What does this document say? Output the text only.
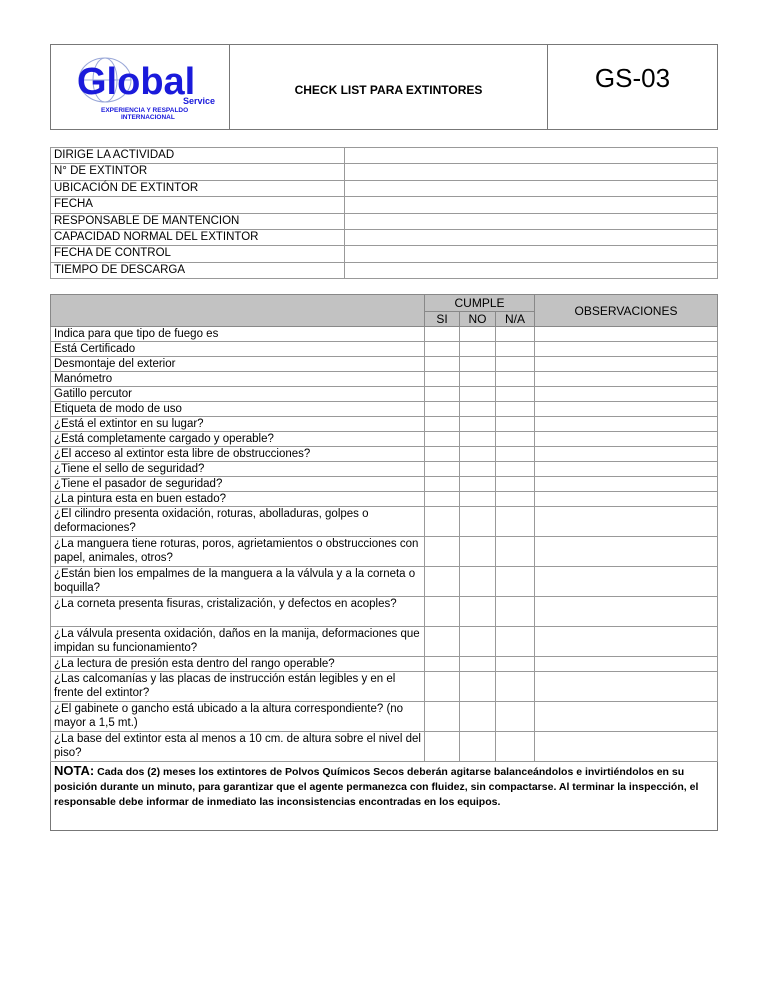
Global
Service
EXPERIENCIA Y RESPALDO
INTERNACIONAL
CHECK LIST PARA EXTINTORES	GS-03
DIRIGE LA ACTIVIDAD	
N° DE EXTINTOR	
UBICACIÓN DE EXTINTOR	
FECHA	
RESPONSABLE DE MANTENCION	
CAPACIDAD NORMAL DEL EXTINTOR	
FECHA DE CONTROL	
TIEMPO DE DESCARGA	
	CUMPLE			OBSERVACIONES
	SI	NO	N/A	
Indica para que tipo de fuego es				
Está Certificado				
Desmontaje del exterior				
Manómetro				
Gatillo percutor				
Etiqueta de modo de uso				
¿Está el extintor en su lugar?				
¿Está completamente cargado y operable?				
¿El acceso al extintor esta libre de obstrucciones?				
¿Tiene el sello de seguridad?				
¿Tiene el pasador de seguridad?				
¿La pintura esta en buen estado?				
¿El cilindro presenta oxidación, roturas, abolladuras, golpes o deformaciones?				
¿La manguera tiene roturas, poros, agrietamientos o obstrucciones con papel, animales, otros?				
¿Están bien los empalmes de la manguera a la válvula y a la corneta o boquilla?				
¿La corneta presenta fisuras, cristalización, y defectos en acoples?				
¿La válvula presenta oxidación, daños en la manija, deformaciones que impidan su funcionamiento?				
¿La lectura de presión esta dentro del rango operable?				
¿Las calcomanías y las placas de instrucción están legibles y en el frente del extintor?				
¿El gabinete o gancho está ubicado a la altura correspondiente? (no mayor a 1,5 mt.)				
¿La base del extintor esta al menos a 10 cm. de altura sobre el nivel del piso?				
NOTA: Cada dos (2) meses los extintores de Polvos Químicos Secos deberán agitarse balanceándolos e invirtiéndolos en su posición durante un minuto, para garantizar que el agente permanezca con fluidez, sin compactarse. Al terminar la inspección, el responsable debe informar de inmediato las inconsistencias encontradas en los equipos.				
